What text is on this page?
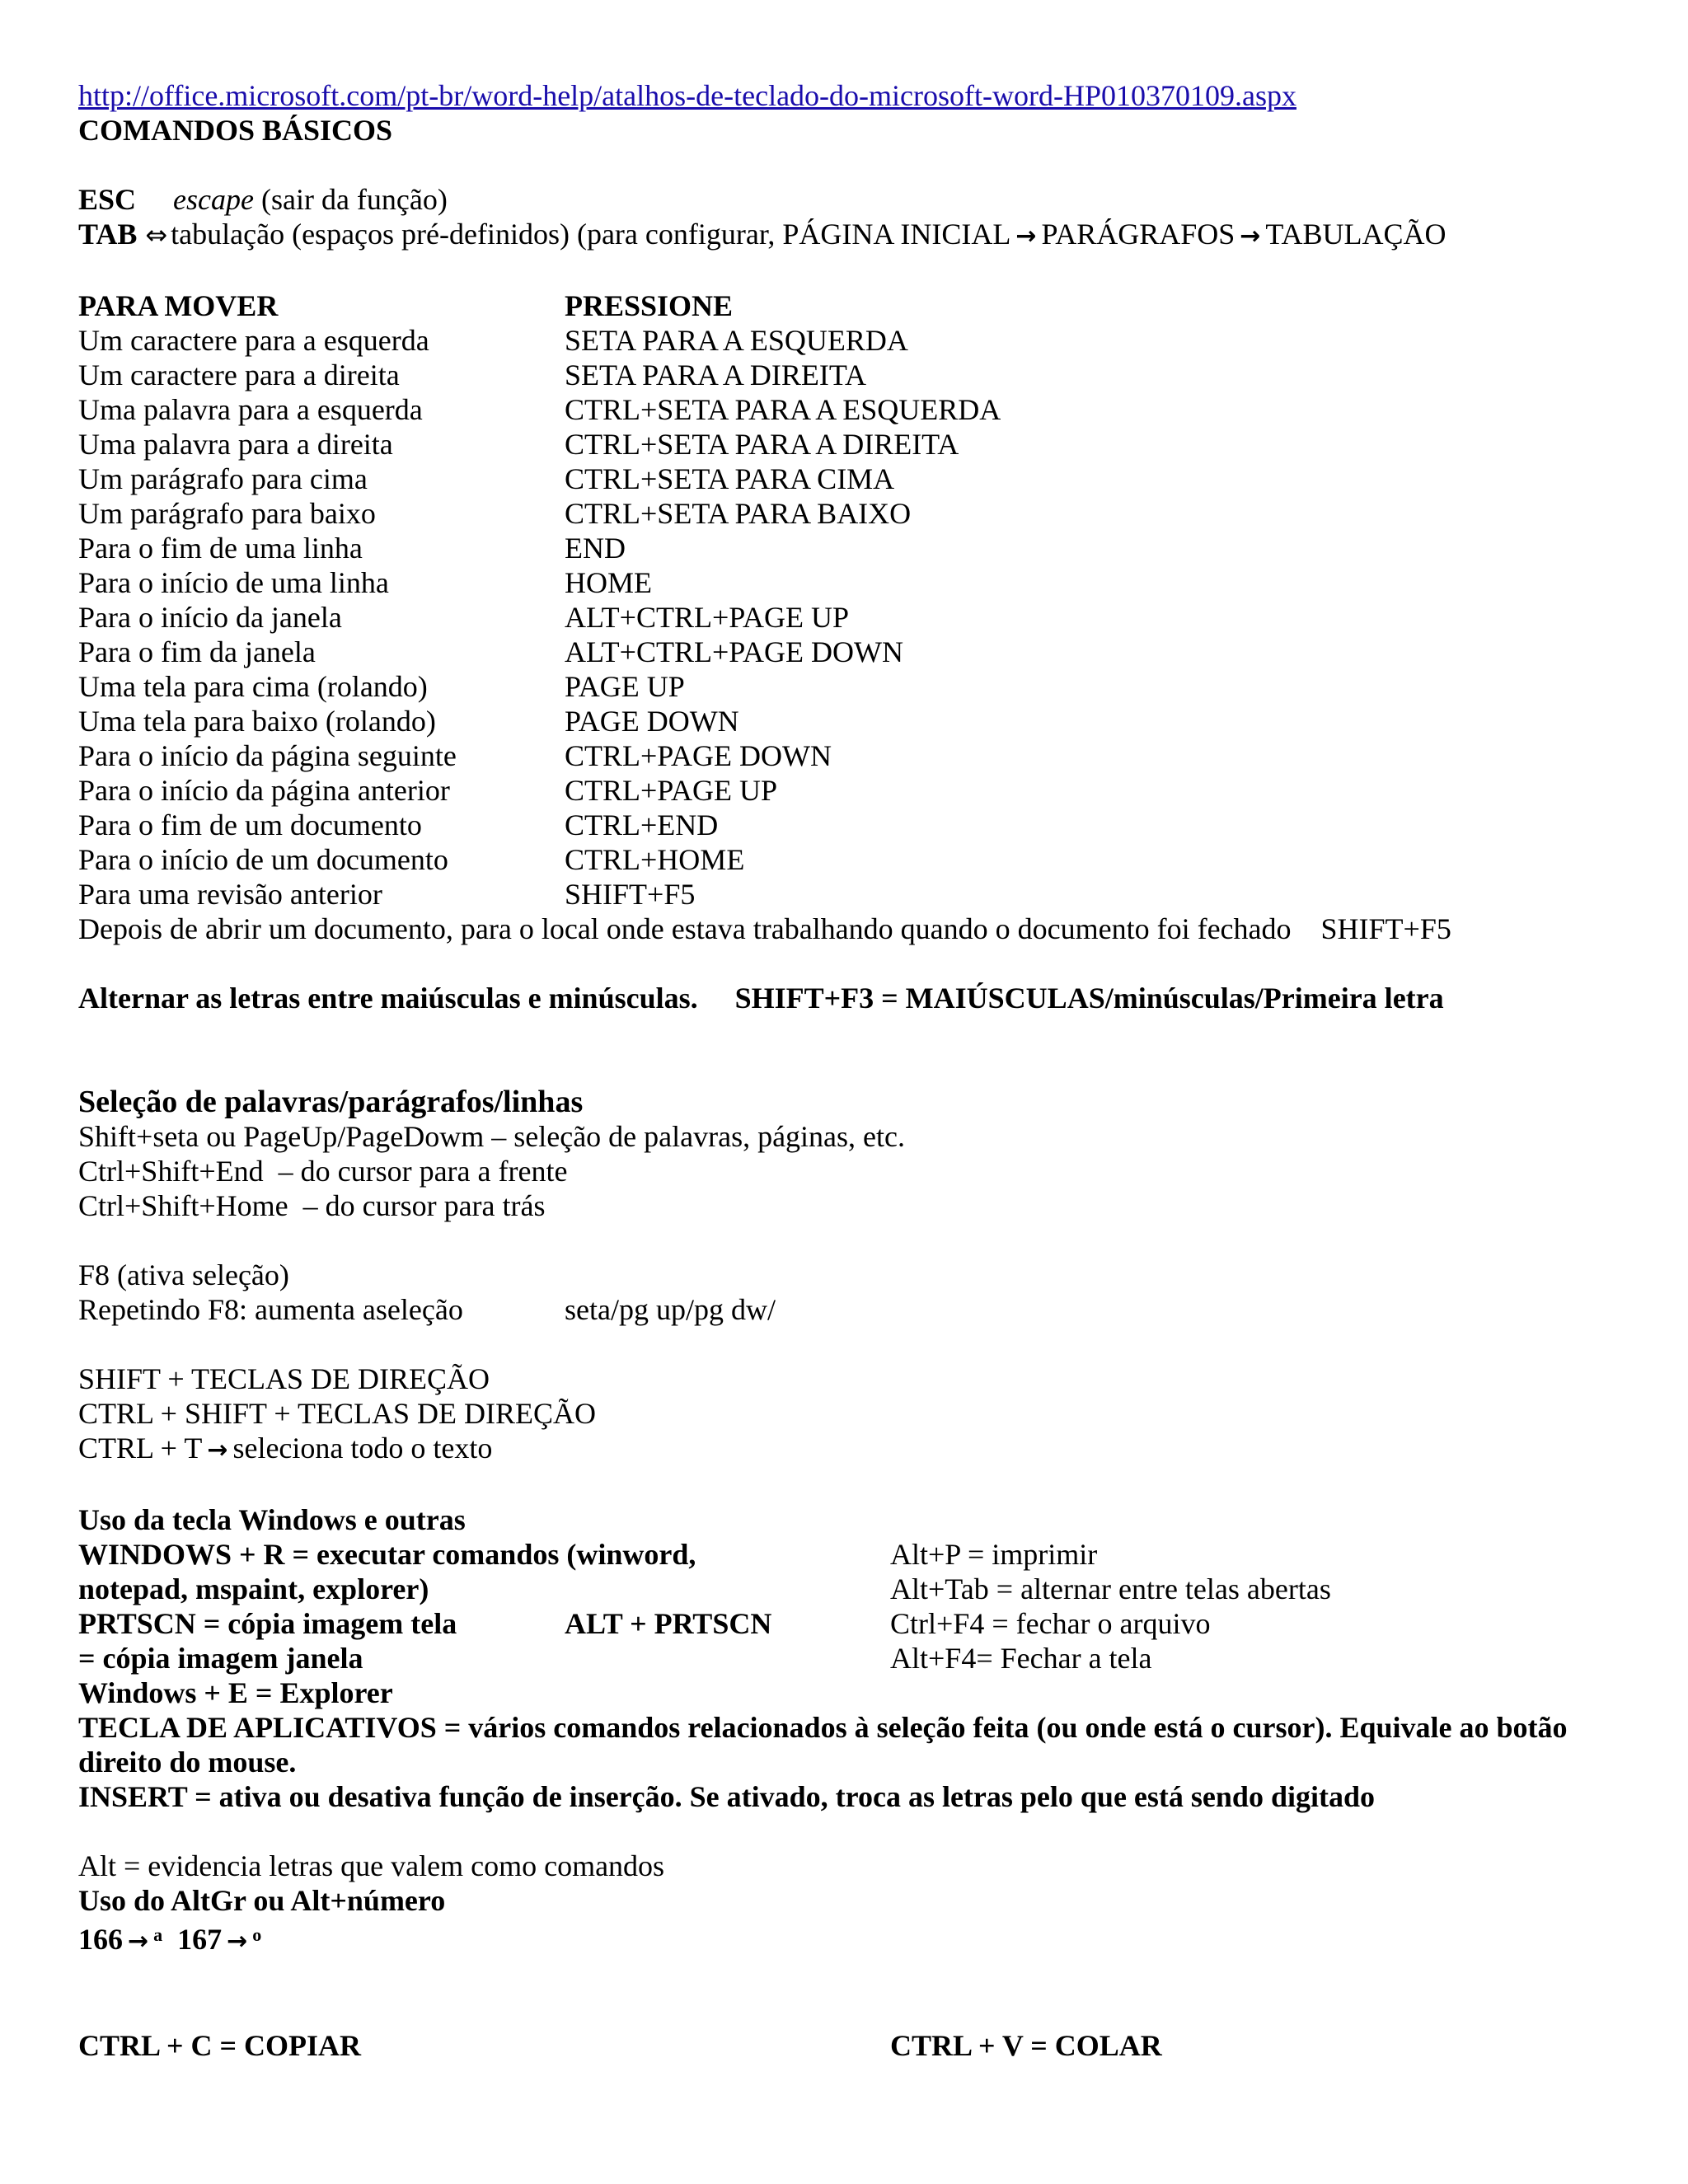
http://office.microsoft.com/pt-br/word-help/atalhos-de-teclado-do-microsoft-word-HP010370109.aspx
COMANDOS BÁSICOS
ESC escape (sair da função)
TAB ⇔ tabulação (espaços pré-definidos) (para configurar, PÁGINA INICIAL → PARÁGRAFOS → TABULAÇÃO
PARA MOVER	PRESSIONE
Um caractere para a esquerda	SETA PARA A ESQUERDA
Um caractere para a direita	SETA PARA A DIREITA
Uma palavra para a esquerda	CTRL+SETA PARA A ESQUERDA
Uma palavra para a direita	CTRL+SETA PARA A DIREITA
Um parágrafo para cima	CTRL+SETA PARA CIMA
Um parágrafo para baixo	CTRL+SETA PARA BAIXO
Para o fim de uma linha	END
Para o início de uma linha	HOME
Para o início da janela	ALT+CTRL+PAGE UP
Para o fim da janela	ALT+CTRL+PAGE DOWN
Uma tela para cima (rolando)	PAGE UP
Uma tela para baixo (rolando)	PAGE DOWN
Para o início da página seguinte	CTRL+PAGE DOWN
Para o início da página anterior	CTRL+PAGE UP
Para o fim de um documento	CTRL+END
Para o início de um documento	CTRL+HOME
Para uma revisão anterior	SHIFT+F5
Depois de abrir um documento, para o local onde estava trabalhando quando o documento foi fechado    SHIFT+F5
Alternar as letras entre maiúsculas e minúsculas.     SHIFT+F3 = MAIÚSCULAS/minúsculas/Primeira letra
Seleção de palavras/parágrafos/linhas
Shift+seta ou PageUp/PageDowm – seleção de palavras, páginas, etc.
Ctrl+Shift+End  – do cursor para a frente
Ctrl+Shift+Home  – do cursor para trás
F8 (ativa seleção)
Repetindo F8: aumenta aseleção	seta/pg up/pg dw/
SHIFT + TECLAS DE DIREÇÃO
CTRL + SHIFT + TECLAS DE DIREÇÃO
CTRL + T → seleciona todo o texto
Uso da tecla Windows e outras
WINDOWS + R = executar comandos (winword,
notepad, mspaint, explorer)
PRTSCN = cópia imagem tela	ALT + PRTSCN
= cópia imagem janela
Alt+P = imprimir
Alt+Tab = alternar entre telas abertas
Ctrl+F4 = fechar o arquivo
Alt+F4= Fechar a tela
Windows + E = Explorer
TECLA DE APLICATIVOS = vários comandos relacionados à seleção feita (ou onde está o cursor). Equivale ao botão
direito do mouse.
INSERT = ativa ou desativa função de inserção. Se ativado, troca as letras pelo que está sendo digitado
Alt = evidencia letras que valem como comandos
Uso do AltGr ou Alt+número
166 → $^a$ 167 → $^o$
CTRL + C = COPIAR	CTRL + V = COLAR
